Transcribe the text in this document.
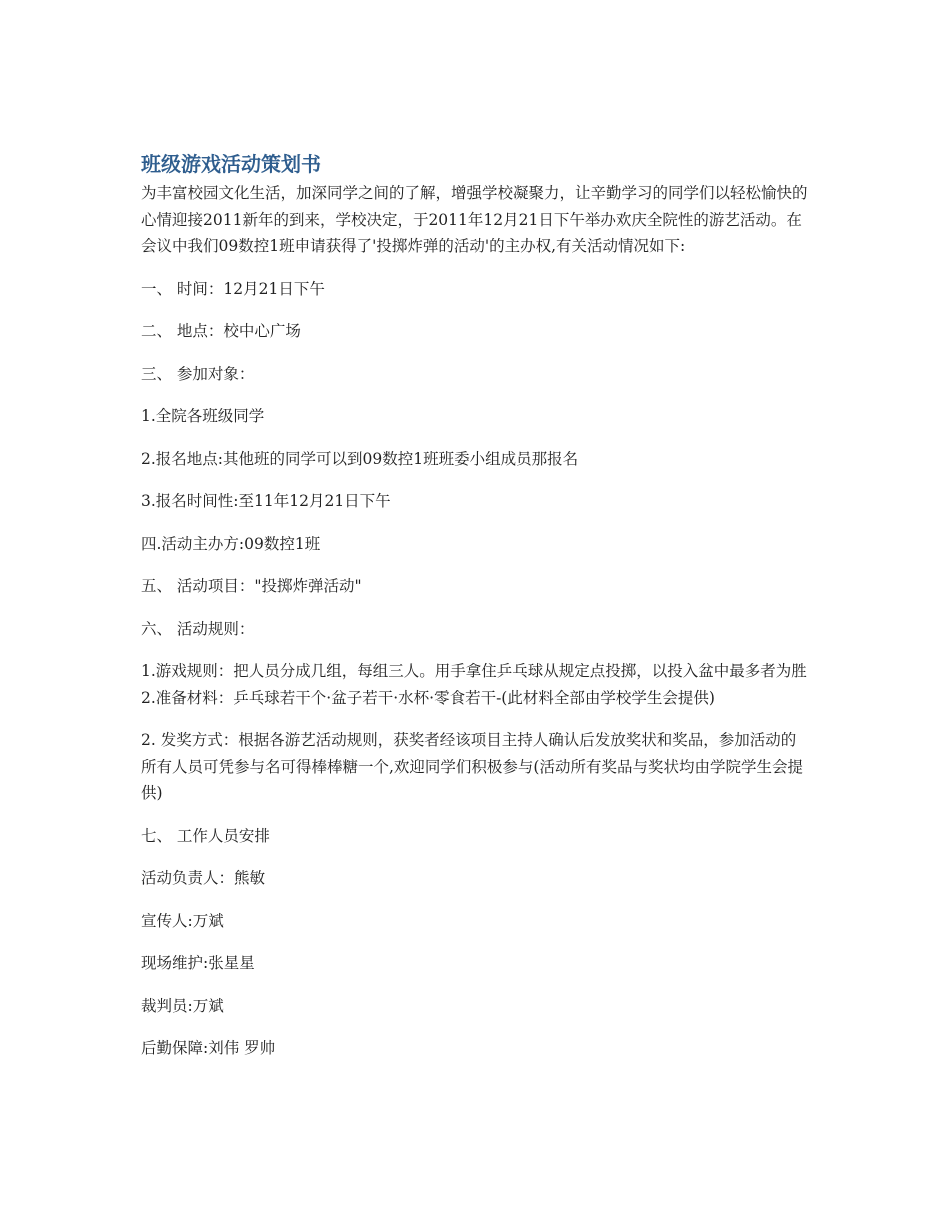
班级游戏活动策划书

为丰富校园文化生活，加深同学之间的了解，增强学校凝聚力，让辛勤学习的同学们以轻松愉快的心情迎接2011新年的到来，学校决定，于2011年12月21日下午举办欢庆全院性的游艺活动。在会议中我们09数控1班申请获得了'投掷炸弹的活动'的主办权,有关活动情况如下:

一、 时间：12月21日下午

二、 地点：校中心广场

三、 参加对象：

1.全院各班级同学

2.报名地点:其他班的同学可以到09数控1班班委小组成员那报名

3.报名时间性:至11年12月21日下午

四.活动主办方:09数控1班

五、 活动项目："投掷炸弹活动"

六、 活动规则：

1.游戏规则：把人员分成几组，每组三人。用手拿住乒乓球从规定点投掷，以投入盆中最多者为胜 2.准备材料：乒乓球若干个·盆子若干·水杯·零食若干-(此材料全部由学校学生会提供)

2. 发奖方式：根据各游艺活动规则，获奖者经该项目主持人确认后发放奖状和奖品，参加活动的所有人员可凭参与名可得棒棒糖一个,欢迎同学们积极参与(活动所有奖品与奖状均由学院学生会提供)

七、 工作人员安排

活动负责人：熊敏

宣传人:万斌

现场维护:张星星

裁判员:万斌

后勤保障:刘伟 罗帅
